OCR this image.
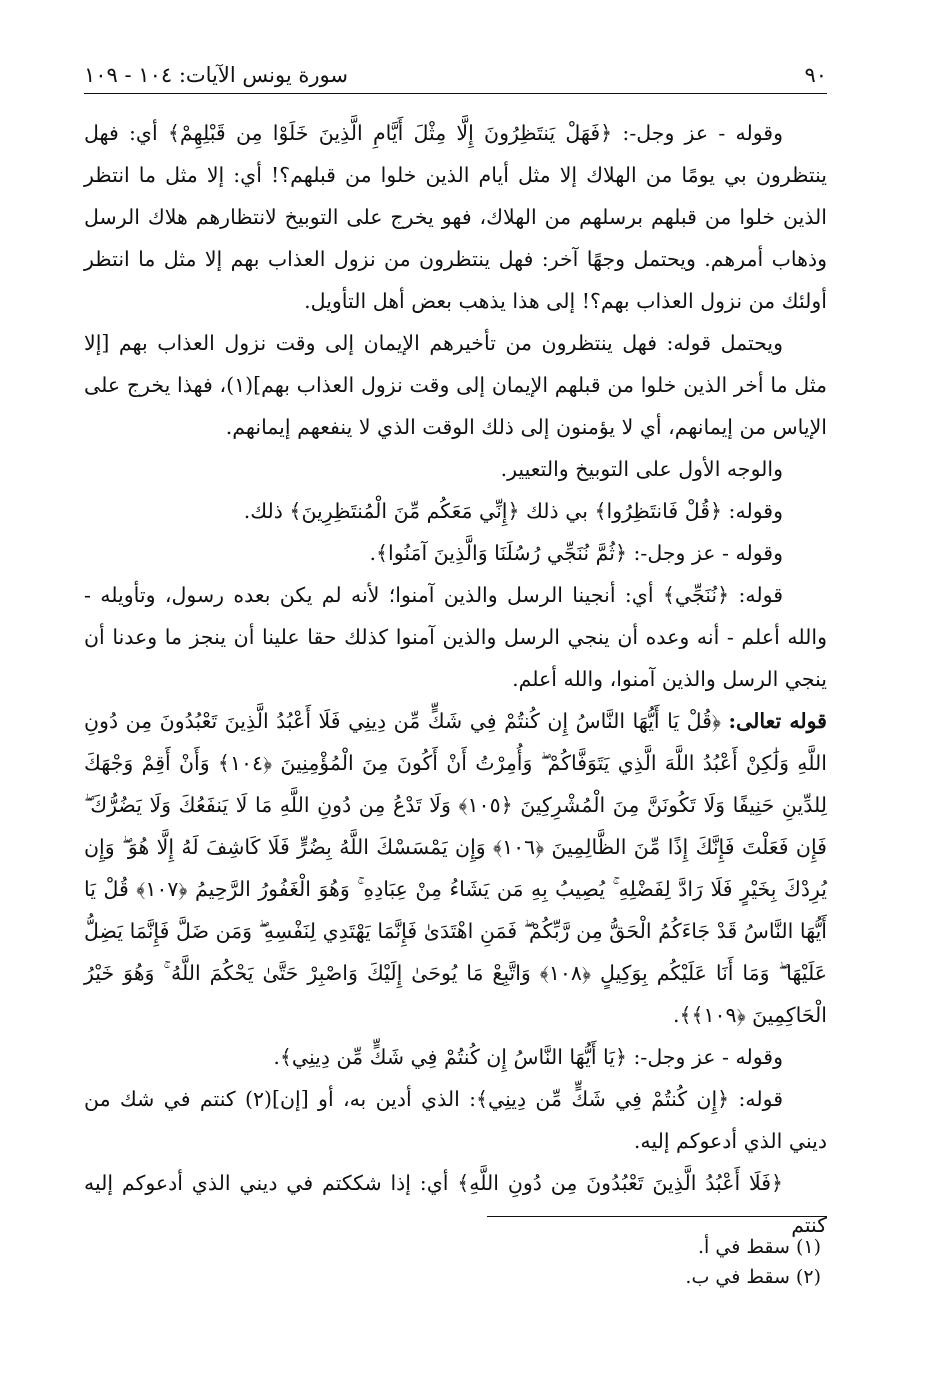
٩٠
سورة يونس الآيات: ١٠٤ - ١٠٩

وقوله - عز وجل-: ﴿فَهَلْ يَنتَظِرُونَ إِلَّا مِثْلَ أَيَّامِ الَّذِينَ خَلَوْا مِن قَبْلِهِمْ﴾ أي: فهل ينتظرون بي يومًا من الهلاك إلا مثل أيام الذين خلوا من قبلهم؟! أي: إلا مثل ما انتظر الذين خلوا من قبلهم برسلهم من الهلاك، فهو يخرج على التوبيخ لانتظارهم هلاك الرسل وذهاب أمرهم. ويحتمل وجهًا آخر: فهل ينتظرون من نزول العذاب بهم إلا مثل ما انتظر أولئك من نزول العذاب بهم؟! إلى هذا يذهب بعض أهل التأويل.

ويحتمل قوله: فهل ينتظرون من تأخيرهم الإيمان إلى وقت نزول العذاب بهم [إلا مثل ما أخر الذين خلوا من قبلهم الإيمان إلى وقت نزول العذاب بهم](١)، فهذا يخرج على الإياس من إيمانهم، أي لا يؤمنون إلى ذلك الوقت الذي لا ينفعهم إيمانهم.

والوجه الأول على التوبيخ والتعيير.

وقوله: ﴿قُلْ فَانتَظِرُوا﴾ بي ذلك ﴿إِنِّي مَعَكُم مِّنَ الْمُنتَظِرِينَ﴾ ذلك.

وقوله - عز وجل-: ﴿ثُمَّ نُنَجِّي رُسُلَنَا وَالَّذِينَ آمَنُوا﴾.

قوله: ﴿نُنَجِّي﴾ أي: أنجينا الرسل والذين آمنوا؛ لأنه لم يكن بعده رسول، وتأويله - والله أعلم - أنه وعده أن ينجي الرسل والذين آمنوا كذلك حقا علينا أن ينجز ما وعدنا أن ينجي الرسل والذين آمنوا، والله أعلم.

قوله تعالى: ﴿قُلْ يَا أَيُّهَا النَّاسُ إِن كُنتُمْ فِي شَكٍّ مِّن دِينِي فَلَا أَعْبُدُ الَّذِينَ تَعْبُدُونَ مِن دُونِ اللَّهِ وَلَٰكِنْ أَعْبُدُ اللَّهَ الَّذِي يَتَوَفَّاكُمْ ۖ وَأُمِرْتُ أَنْ أَكُونَ مِنَ الْمُؤْمِنِينَ ﴿١٠٤﴾ وَأَنْ أَقِمْ وَجْهَكَ لِلدِّينِ حَنِيفًا وَلَا تَكُونَنَّ مِنَ الْمُشْرِكِينَ ﴿١٠٥﴾ وَلَا تَدْعُ مِن دُونِ اللَّهِ مَا لَا يَنفَعُكَ وَلَا يَضُرُّكَ ۖ فَإِن فَعَلْتَ فَإِنَّكَ إِذًا مِّنَ الظَّالِمِينَ ﴿١٠٦﴾ وَإِن يَمْسَسْكَ اللَّهُ بِضُرٍّ فَلَا كَاشِفَ لَهُ إِلَّا هُوَ ۖ وَإِن يُرِدْكَ بِخَيْرٍ فَلَا رَادَّ لِفَضْلِهِ ۚ يُصِيبُ بِهِ مَن يَشَاءُ مِنْ عِبَادِهِ ۚ وَهُوَ الْغَفُورُ الرَّحِيمُ ﴿١٠٧﴾ قُلْ يَا أَيُّهَا النَّاسُ قَدْ جَاءَكُمُ الْحَقُّ مِن رَّبِّكُمْ ۖ فَمَنِ اهْتَدَىٰ فَإِنَّمَا يَهْتَدِي لِنَفْسِهِ ۖ وَمَن ضَلَّ فَإِنَّمَا يَضِلُّ عَلَيْهَا ۖ وَمَا أَنَا عَلَيْكُم بِوَكِيلٍ ﴿١٠٨﴾ وَاتَّبِعْ مَا يُوحَىٰ إِلَيْكَ وَاصْبِرْ حَتَّىٰ يَحْكُمَ اللَّهُ ۚ وَهُوَ خَيْرُ الْحَاكِمِينَ ﴿١٠٩﴾﴾.

وقوله - عز وجل-: ﴿يَا أَيُّهَا النَّاسُ إِن كُنتُمْ فِي شَكٍّ مِّن دِينِي﴾.

قوله: ﴿إِن كُنتُمْ فِي شَكٍّ مِّن دِينِي﴾: الذي أدين به، أو [إن](٢) كنتم في شك من ديني الذي أدعوكم إليه.

﴿فَلَا أَعْبُدُ الَّذِينَ تَعْبُدُونَ مِن دُونِ اللَّهِ﴾ أي: إذا شككتم في ديني الذي أدعوكم إليه كنتم

(١) سقط في أ.
(٢) سقط في ب.
